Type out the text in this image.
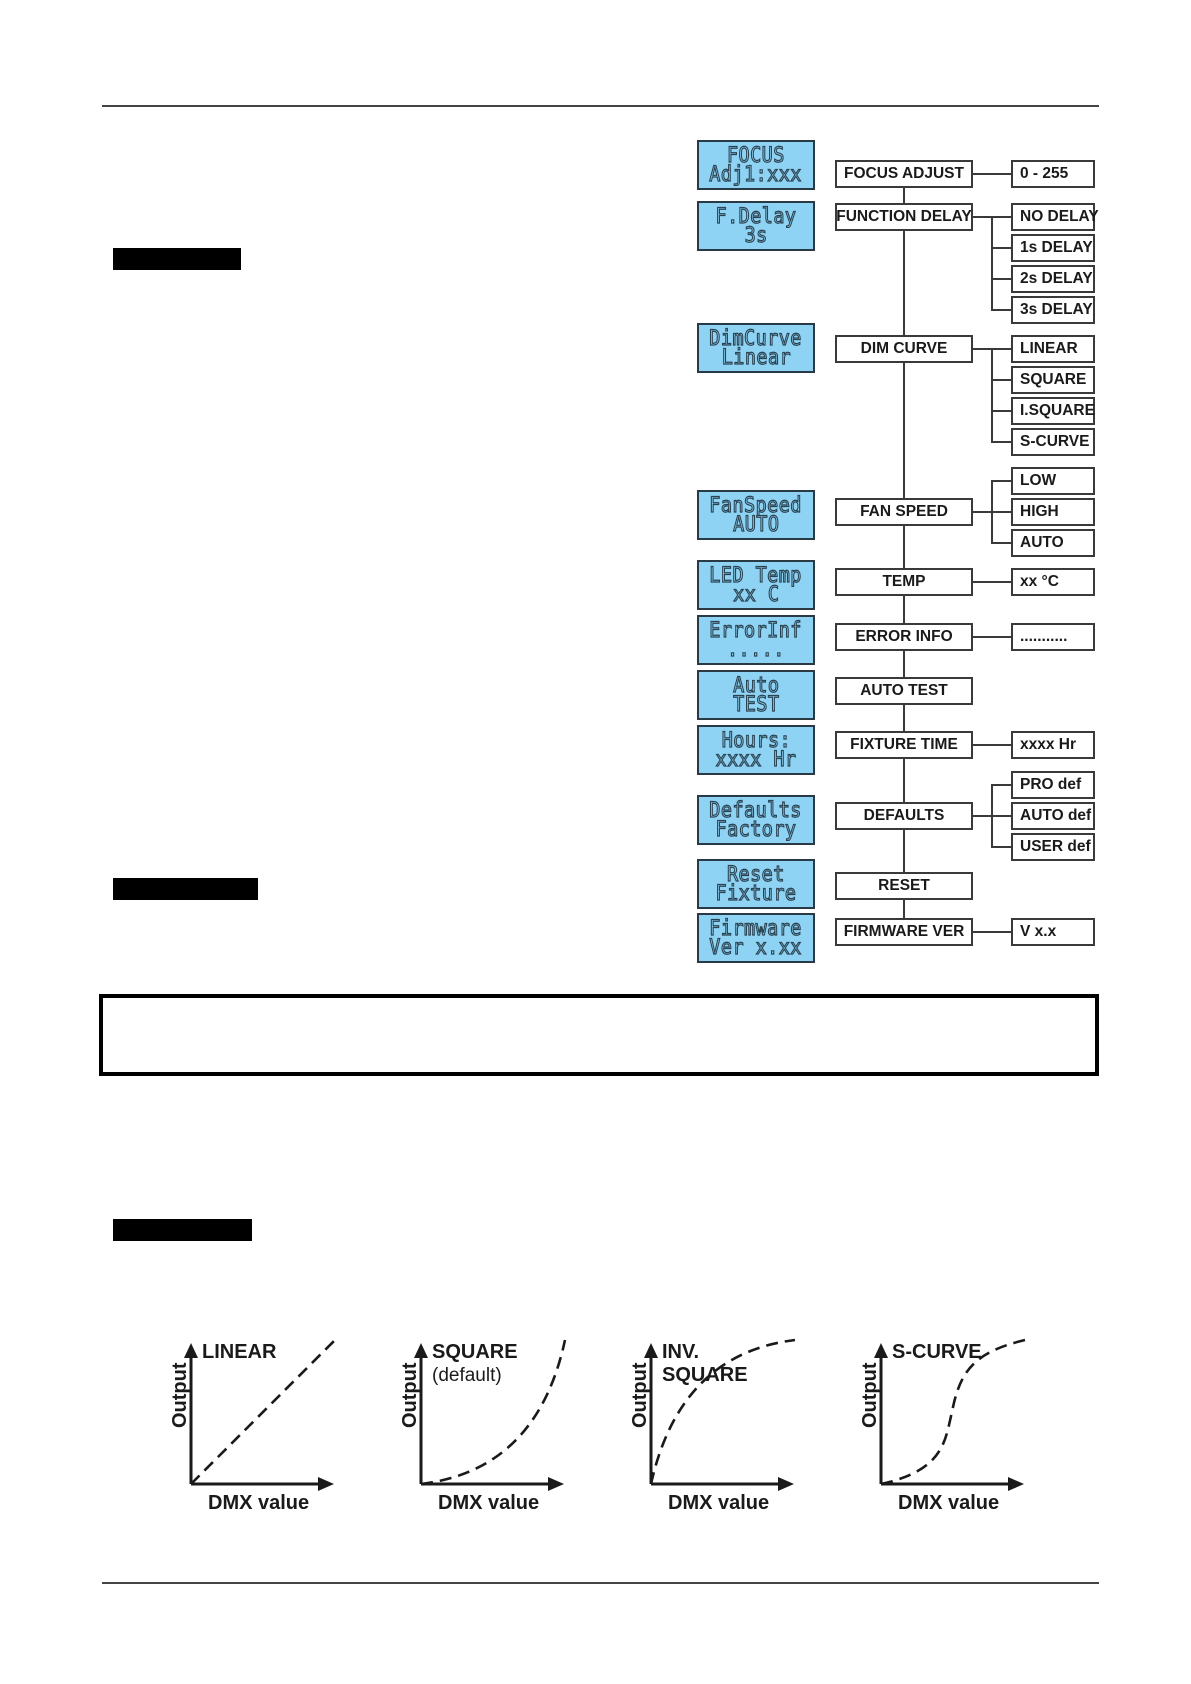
FOCUS
Adj1:xxx
F.Delay
3s
DimCurve
Linear
FanSpeed
AUTO
LED Temp
xx C
ErrorInf
.....
Auto
TEST
Hours:
xxxx Hr
Defaults
Factory
Reset
Fixture
Firmware
Ver x.xx
FOCUS ADJUST
FUNCTION DELAY
DIM CURVE
FAN SPEED
TEMP
ERROR INFO
AUTO TEST
FIXTURE TIME
DEFAULTS
RESET
FIRMWARE VER
0 - 255
NO DELAY
1s DELAY
2s DELAY
3s DELAY
LINEAR
SQUARE
I.SQUARE
S-CURVE
LOW
HIGH
AUTO
xx °C
...........
xxxx Hr
PRO def
AUTO def
USER def
V x.x
LINEAR
DMX value
Output
SQUARE
(default)
DMX value
Output
INV.
SQUARE
DMX value
Output
S-CURVE
DMX value
Output
